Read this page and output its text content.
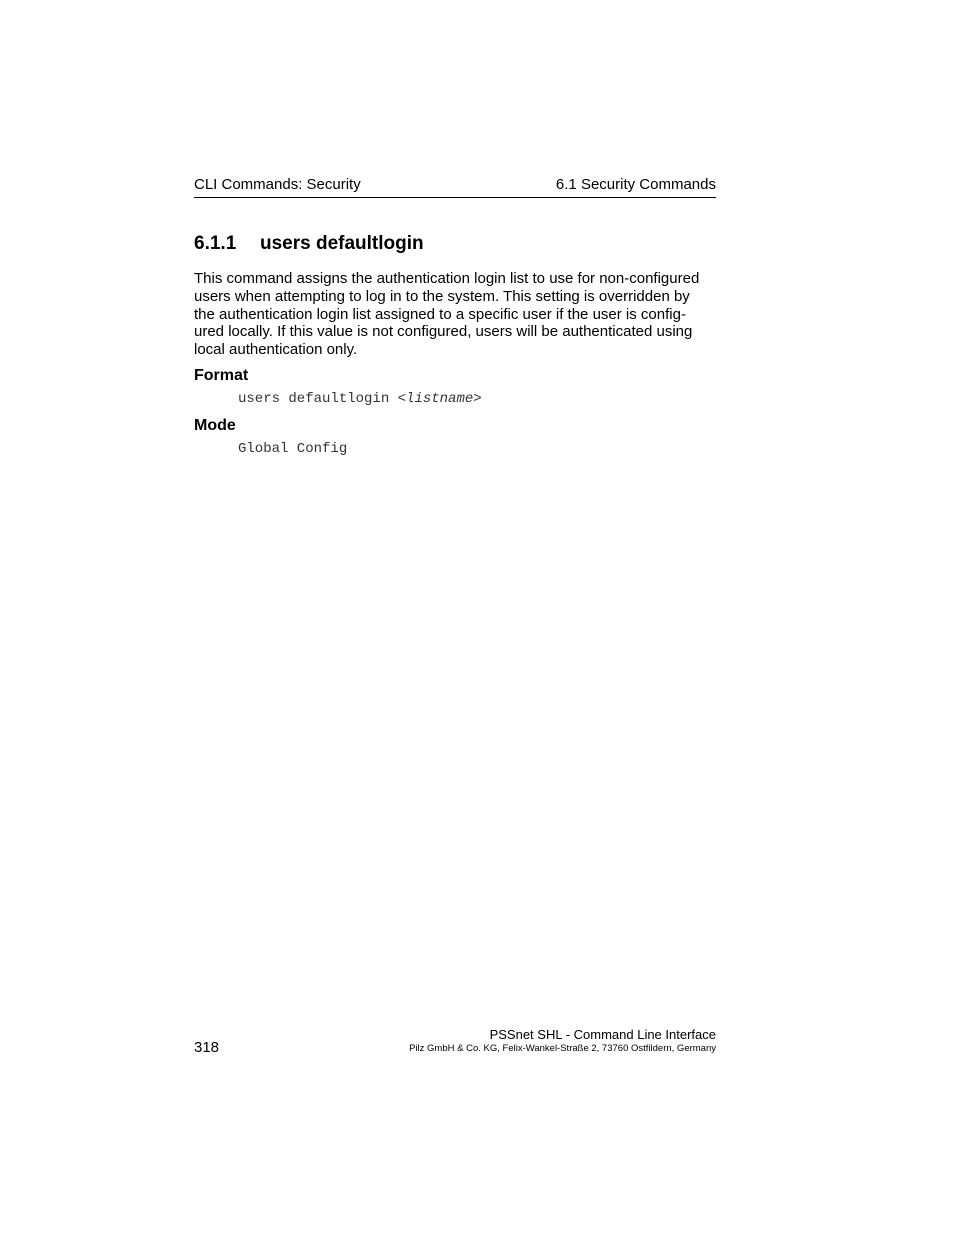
CLI Commands: Security	6.1 Security Commands
6.1.1 users defaultlogin
This command assigns the authentication login list to use for non-configured
users when attempting to log in to the system. This setting is overridden by
the authentication login list assigned to a specific user if the user is config-
ured locally. If this value is not configured, users will be authenticated using
local authentication only.
Format
users defaultlogin <listname>
Mode
Global Config
PSSnet SHL - Command Line Interface
318	Pilz GmbH & Co. KG, Felix-Wankel-Straße 2, 73760 Ostfildern, Germany
